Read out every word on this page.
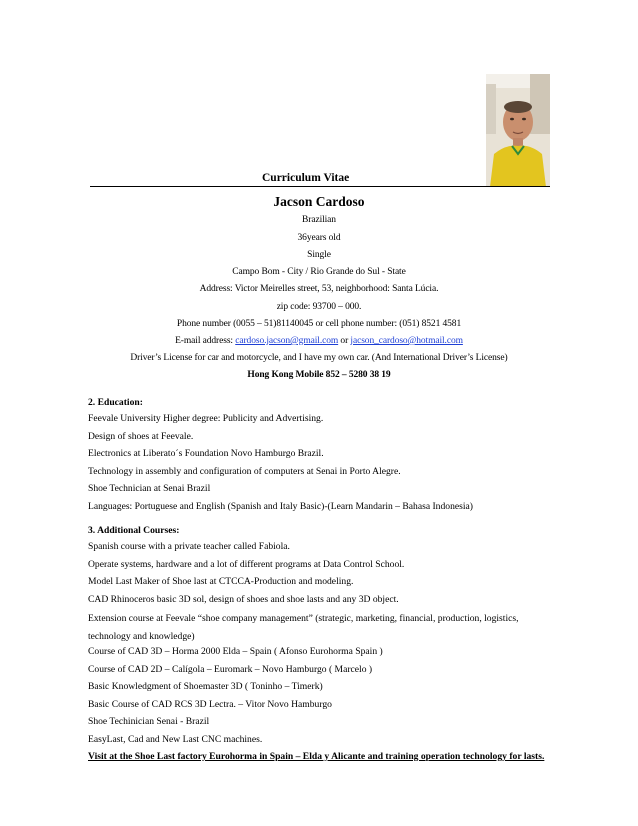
Curriculum Vitae
Jacson Cardoso
Brazilian
36years old
Single
Campo Bom - City / Rio Grande do Sul - State
Address: Victor Meirelles street, 53, neighborhood: Santa Lúcia.
zip code: 93700 – 000.
Phone number (0055 – 51)81140045 or cell phone number: (051) 8521 4581
E-mail address: cardoso.jacson@gmail.com or jacson_cardoso@hotmail.com
Driver’s License for car and motorcycle, and I have my own car. (And International Driver’s License)
Hong Kong Mobile 852 – 5280 38 19
2. Education:
Feevale University Higher degree: Publicity and Advertising.
Design of shoes at Feevale.
Electronics at Liberato´s Foundation Novo Hamburgo Brazil.
Technology in assembly and configuration of computers at Senai in Porto Alegre.
Shoe Technician at Senai Brazil
Languages: Portuguese and English (Spanish and Italy Basic)-(Learn Mandarin – Bahasa Indonesia)
3. Additional Courses:
Spanish course with a private teacher called Fabiola.
Operate systems, hardware and a lot of different programs at Data Control School.
Model Last Maker of Shoe last at CTCCA-Production and modeling.
CAD Rhinoceros basic 3D sol, design of shoes and shoe lasts and any 3D object.
Extension course at Feevale “shoe company management” (strategic, marketing, financial, production, logistics, technology and knowledge)
Course of CAD 3D – Horma 2000 Elda – Spain ( Afonso Eurohorma Spain )
Course of CAD 2D – Calígola – Euromark – Novo Hamburgo ( Marcelo )
Basic Knowledgment of Shoemaster 3D ( Toninho – Timerk)
Basic Course of CAD RCS 3D Lectra. – Vitor Novo Hamburgo
Shoe Techinician Senai - Brazil
EasyLast, Cad and New Last CNC machines.
Visit at the Shoe Last factory Eurohorma in Spain – Elda y Alicante and training operation technology for lasts.
